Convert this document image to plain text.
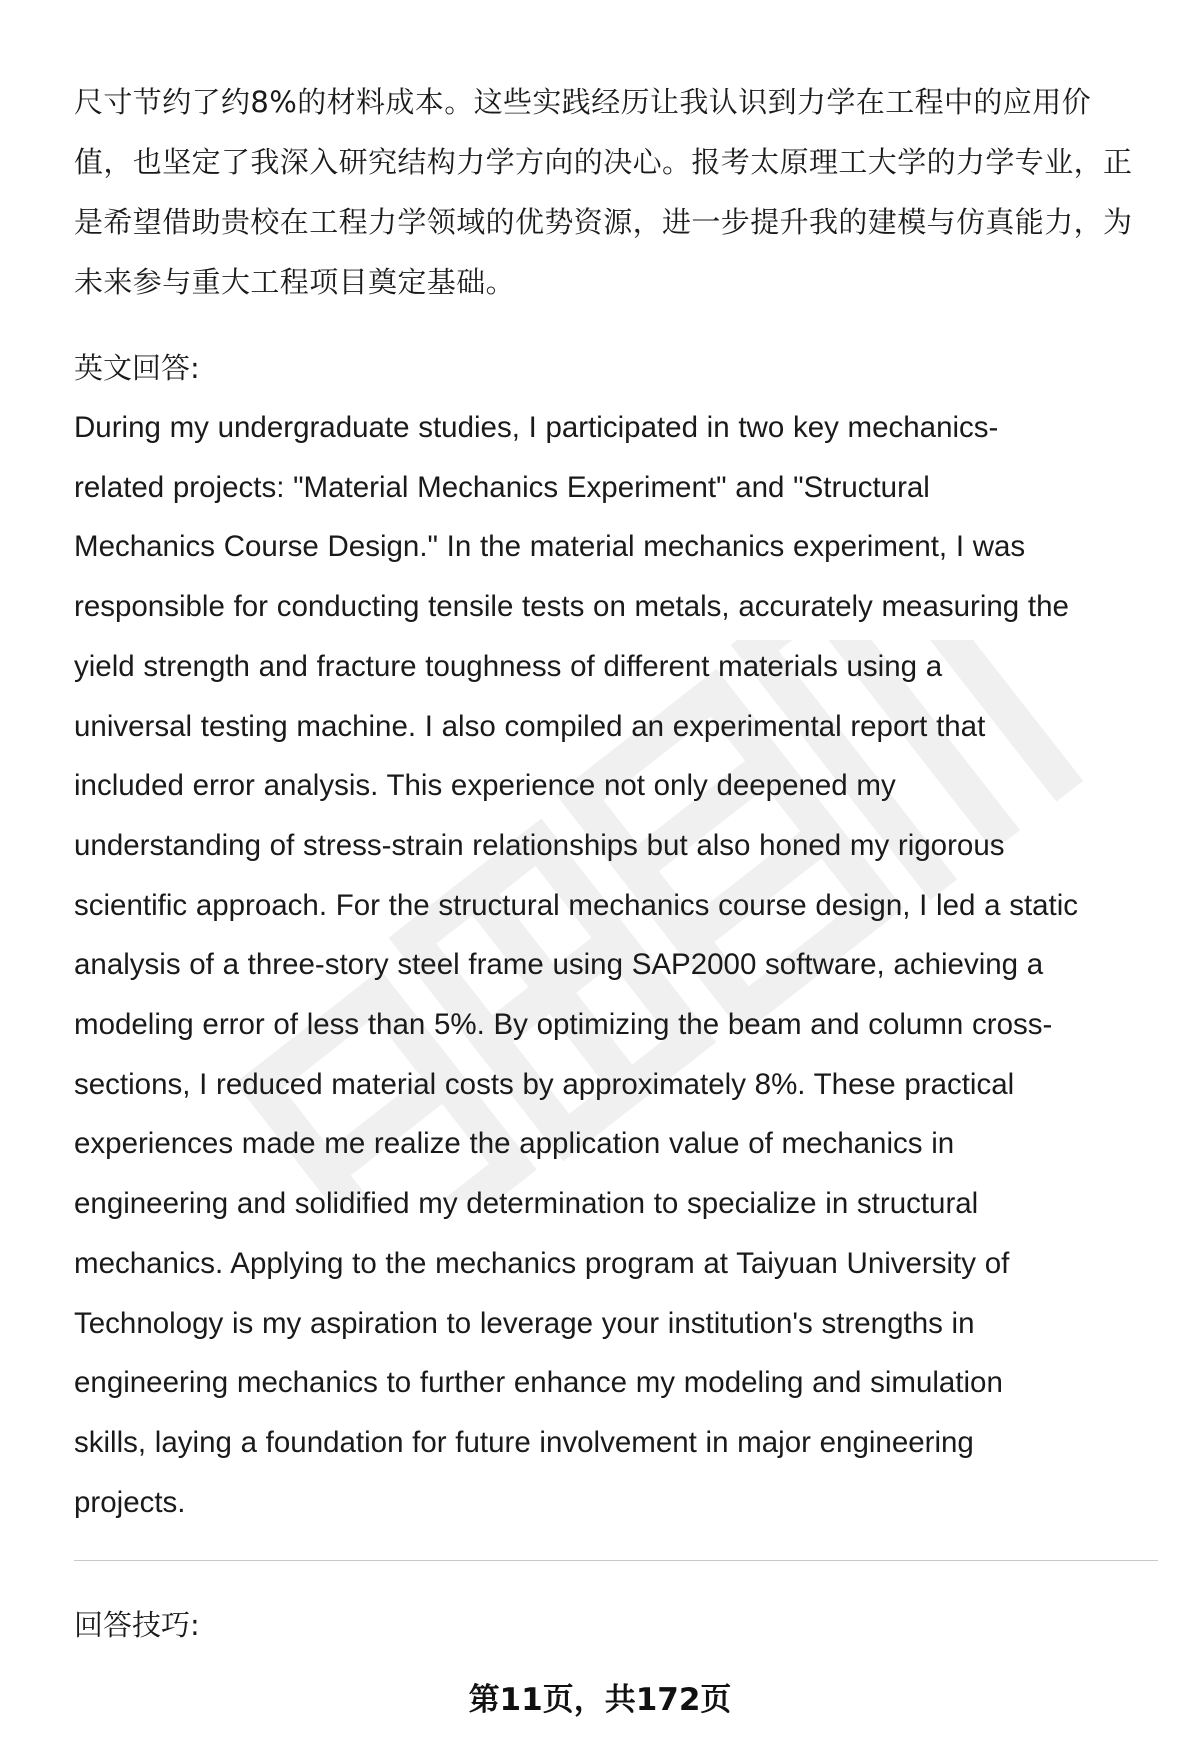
尺寸节约了约8%的材料成本。这些实践经历让我认识到力学在工程中的应用价
值，也坚定了我深入研究结构力学方向的决心。报考太原理工大学的力学专业，正
是希望借助贵校在工程力学领域的优势资源，进一步提升我的建模与仿真能力，为
未来参与重大工程项目奠定基础。
英文回答:
During my undergraduate studies, I participated in two key mechanics-
related projects: "Material Mechanics Experiment" and "Structural
Mechanics Course Design." In the material mechanics experiment, I was
responsible for conducting tensile tests on metals, accurately measuring the
yield strength and fracture toughness of different materials using a
universal testing machine. I also compiled an experimental report that
included error analysis. This experience not only deepened my
understanding of stress-strain relationships but also honed my rigorous
scientific approach. For the structural mechanics course design, I led a static
analysis of a three-story steel frame using SAP2000 software, achieving a
modeling error of less than 5%. By optimizing the beam and column cross-
sections, I reduced material costs by approximately 8%. These practical
experiences made me realize the application value of mechanics in
engineering and solidified my determination to specialize in structural
mechanics. Applying to the mechanics program at Taiyuan University of
Technology is my aspiration to leverage your institution's strengths in
engineering mechanics to further enhance my modeling and simulation
skills, laying a foundation for future involvement in major engineering
projects.
回答技巧:
第11页，共172页
